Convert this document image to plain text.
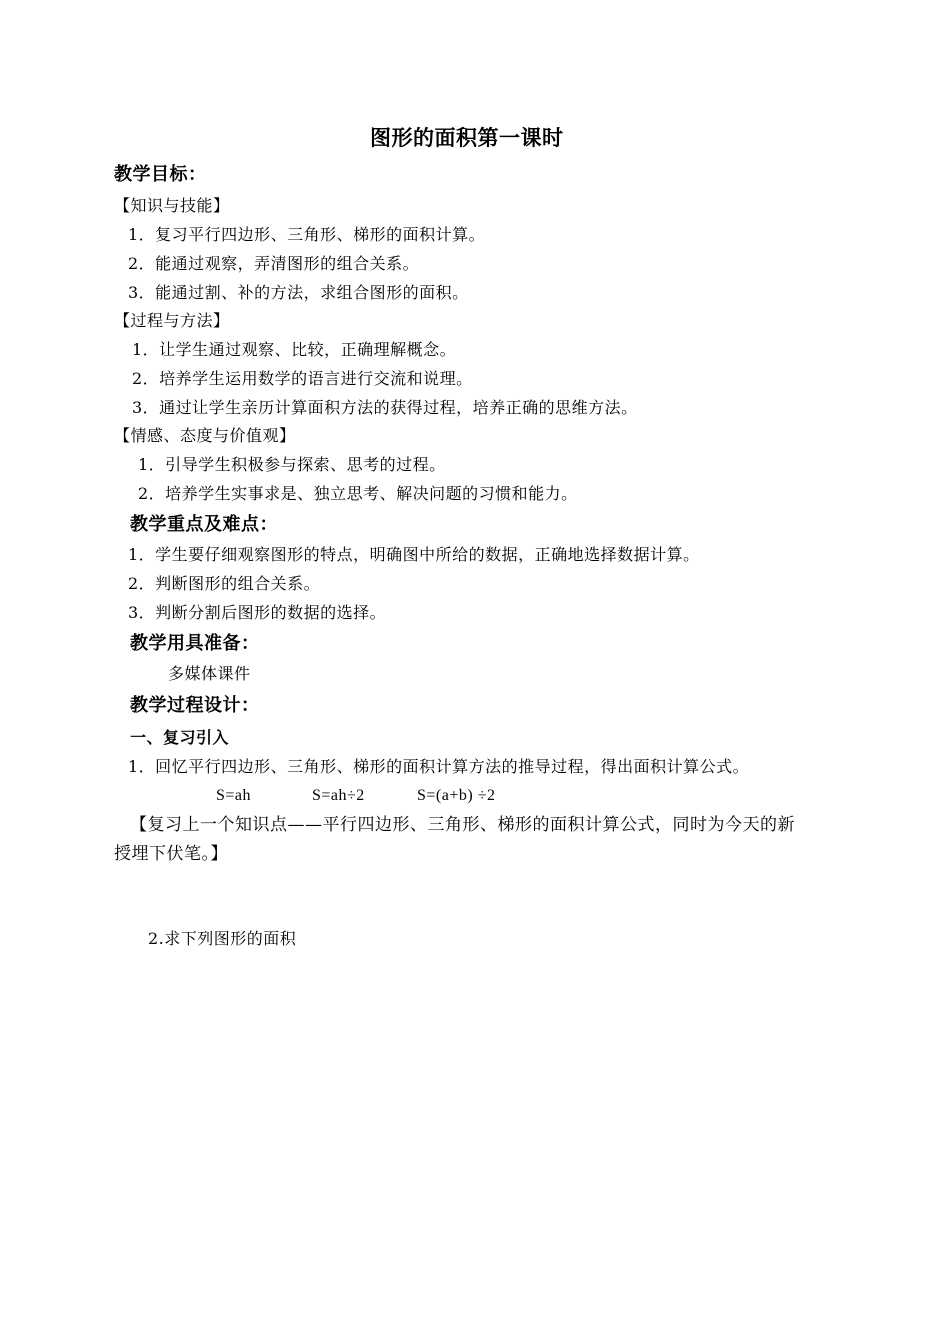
图形的面积第一课时
教学目标：
【知识与技能】
1．复习平行四边形、三角形、梯形的面积计算。
2．能通过观察，弄清图形的组合关系。
3．能通过割、补的方法，求组合图形的面积。
【过程与方法】
1．让学生通过观察、比较，正确理解概念。
2．培养学生运用数学的语言进行交流和说理。
3．通过让学生亲历计算面积方法的获得过程，培养正确的思维方法。
【情感、态度与价值观】
1．引导学生积极参与探索、思考的过程。
2．培养学生实事求是、独立思考、解决问题的习惯和能力。
教学重点及难点：
1．学生要仔细观察图形的特点，明确图中所给的数据，正确地选择数据计算。
2．判断图形的组合关系。
3．判断分割后图形的数据的选择。
教学用具准备：
多媒体课件
教学过程设计：
一、复习引入
1．回忆平行四边形、三角形、梯形的面积计算方法的推导过程，得出面积计算公式。
S=ah	S=ah÷2	S=(a+b) ÷2
【复习上一个知识点——平行四边形、三角形、梯形的面积计算公式，同时为今天的新
授埋下伏笔。】
2.求下列图形的面积
